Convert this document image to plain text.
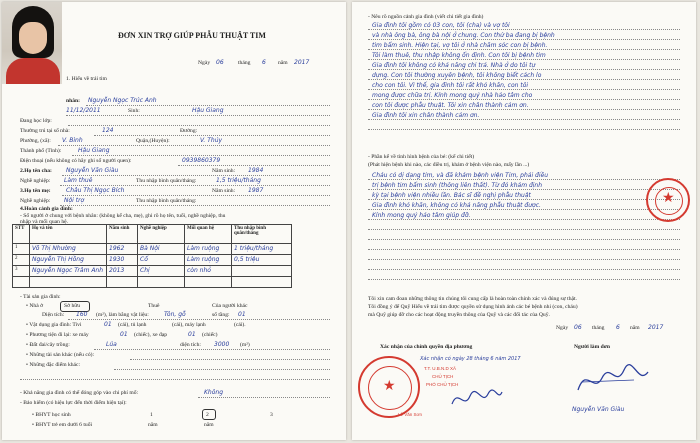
ĐƠN XIN TRỢ GIÚP PHẪU THUẬT TIM
Ngày 06	tháng 6 năm 2017
1. Hiểu về trái tim
nhân: Nguyễn Ngọc Trúc Anh
11/12/2011	Sinh:	Hậu Giang
Đang học lớp:
Thường trú tại số nhà:	124	Đường:
Phường, (xã): V. Bình	Quận,(Huyện):	V. Thủy
Thành phố (Tỉnh):	Hậu Giang
Điện thoại (nếu không có hãy ghi số người quen):	0939860379
2.Họ tên cha: Nguyễn Văn Giàu	Năm sinh: 1984
Nghề nghiệp: Làm thuê	Thu nhập bình quân/tháng:	1,5 triệu/tháng
3.Họ tên mẹ:	Châu Thị Ngọc Bích	Năm sinh: 1987
Nghề nghiệp: Nội trợ	Thu nhập bình quân/tháng:
4.Hoàn cảnh gia đình:
- Số người ở chung với bệnh nhân: (không kể cha, mẹ), ghi rõ họ tên, tuổi, nghề nghiệp, thu
nhập và mối quan hệ.
STT	Họ và tên	Năm sinh	Nghề nghiệp	Mối quan hệ	Thu nhập bình quân/tháng
1	Võ Thị Nhường	1962	Bà Nội	Làm ruộng	1 triệu/tháng
2	Nguyễn Thị Hồng	1930	Cố	Làm ruộng	0,5 triệu
3	Nguyễn Ngọc Trâm Anh	2013	Chị	còn nhỏ	

- Tài sản gia đình:
• Nhà ở	Sở hữu	Thuê	Của người khác
Diện tích: 160 (m²), làm bằng vật liệu:	Tôn, gỗ	số tầng: 01
• Vật dụng gia đình: Tivi	01 (cái), tủ lạnh	(cái), máy lạnh	(cái).
• Phương tiện đi lại: xe máy	01 (chiếc), xe đạp	01 (chiếc)
• Đất đai/cây trồng:	Lúa	diện tích: 3000 (m²)
• Những tài sản khác (nếu có):
• Những đặc điểm khác:
- Khả năng gia đình có thể đóng góp vào chi phí mổ:	Không
- Bảo hiểm (có hiệu lực đến thời điểm hiện tại):
• BHYT học sinh	1	2	3
• BHYT trẻ em dưới 6 tuổi	năm	năm
- Nêu rõ nguồn cảnh gia đình (viết chi tiết gia đình)
Gia đình tôi gồm có 03 con, tôi (cha) và vợ tôi
và nhà ông bà, ông bà nội ở chung. Con thứ ba đang bị bệnh
tim bẩm sinh. Hiện tại, vợ tôi ở nhà chăm sóc con bị bệnh.
Tôi làm thuê, thu nhập không ổn định. Con tôi bị bệnh tim
Gia đình tôi không có khả năng chi trả. Nhà ở do tôi tự
dựng. Con tôi thường xuyên bệnh, tôi không biết cách lo
cho con tôi. Vì thế, gia đình tôi rất khó khăn, con tôi
mong được chữa trị. Kính mong quý nhà hảo tâm cho
con tôi được phẫu thuật. Tôi xin chân thành cảm ơn.
Gia đình tôi xin chân thành cảm ơn.
- Phần kể về tình hình bệnh của bé: (kể chi tiết)
(Phát hiện bệnh khi nào, các điều trị, khám ở bệnh viện nào, mấy lần ...)
Cháu có dị dạng tim, và đã khám bệnh viện Tim, phải điều
trị bệnh tim bẩm sinh (thông liên thất). Từ đó khám định
kỳ tại bệnh viện nhiều lần. Bác sĩ đề nghị phẫu thuật
Gia đình khó khăn, không có khả năng phẫu thuật được.
Kính mong quý hảo tâm giúp đỡ.
★
Tôi xin cam đoan những thông tin chúng tôi cung cấp là hoàn toàn chính xác và đúng sự thật.
Tôi đồng ý để Quỹ Hiểu về trái tim được quyền sử dụng hình ảnh các bé bệnh nhi (con, cháu)
mà Quỹ giúp đỡ cho các hoạt động truyền thông của Quỹ và các đối tác của Quỹ.
Ngày 06 tháng 6 năm 2017
Xác nhận của chính quyền địa phương	Người làm đơn
★
Xác nhận có ngày 28 tháng 6 năm 2017
T.T. U.B.N.D XÃ
CHỦ TỊCH
PHÓ CHỦ TỊCH
Lê Văn Sơn
Nguyễn Văn Giàu
